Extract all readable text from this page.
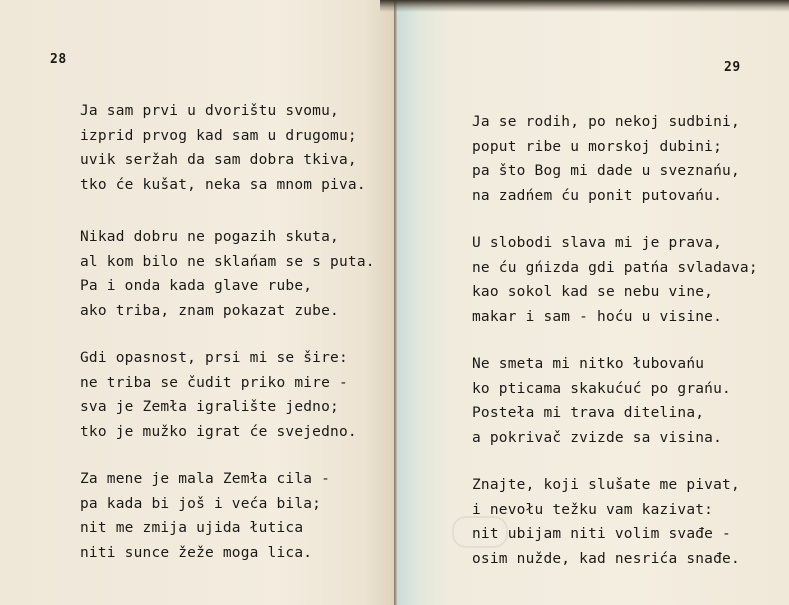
28
Ja sam prvi u dvorištu svomu,
izprid prvog kad sam u drugomu;
uvik seržah da sam dobra tkiva,
tko će kušat, neka sa mnom piva.
Nikad dobru ne pogazih skuta,
al kom bilo ne sklańam se s puta.
Pa i onda kada glave rube,
ako triba, znam pokazat zube.
Gdi opasnost, prsi mi se šire:
ne triba se čudit priko mire -
sva je Zemła igralište jedno;
tko je mužko igrat će svejedno.
Za mene je mala Zemła cila -
pa kada bi još i veća bila;
nit me zmija ujida łutica
niti sunce žeže moga lica.
29
Ja se rodih, po nekoj sudbini,
poput ribe u morskoj dubini;
pa što Bog mi dade u sveznańu,
na zadńem ću ponit putovańu.
U slobodi slava mi je prava,
ne ću gńizda gdi patńa svladava;
kao sokol kad se nebu vine,
makar i sam - hoću u visine.
Ne smeta mi nitko łubovańu
ko pticama skakućuć po grańu.
Posteła mi trava ditelina,
a pokrivač zvizde sa visina.
Znajte, koji slušate me pivat,
i nevołu težku vam kazivat:
nit ubijam niti volim svađe -
osim nužde, kad nesrića snađe.
